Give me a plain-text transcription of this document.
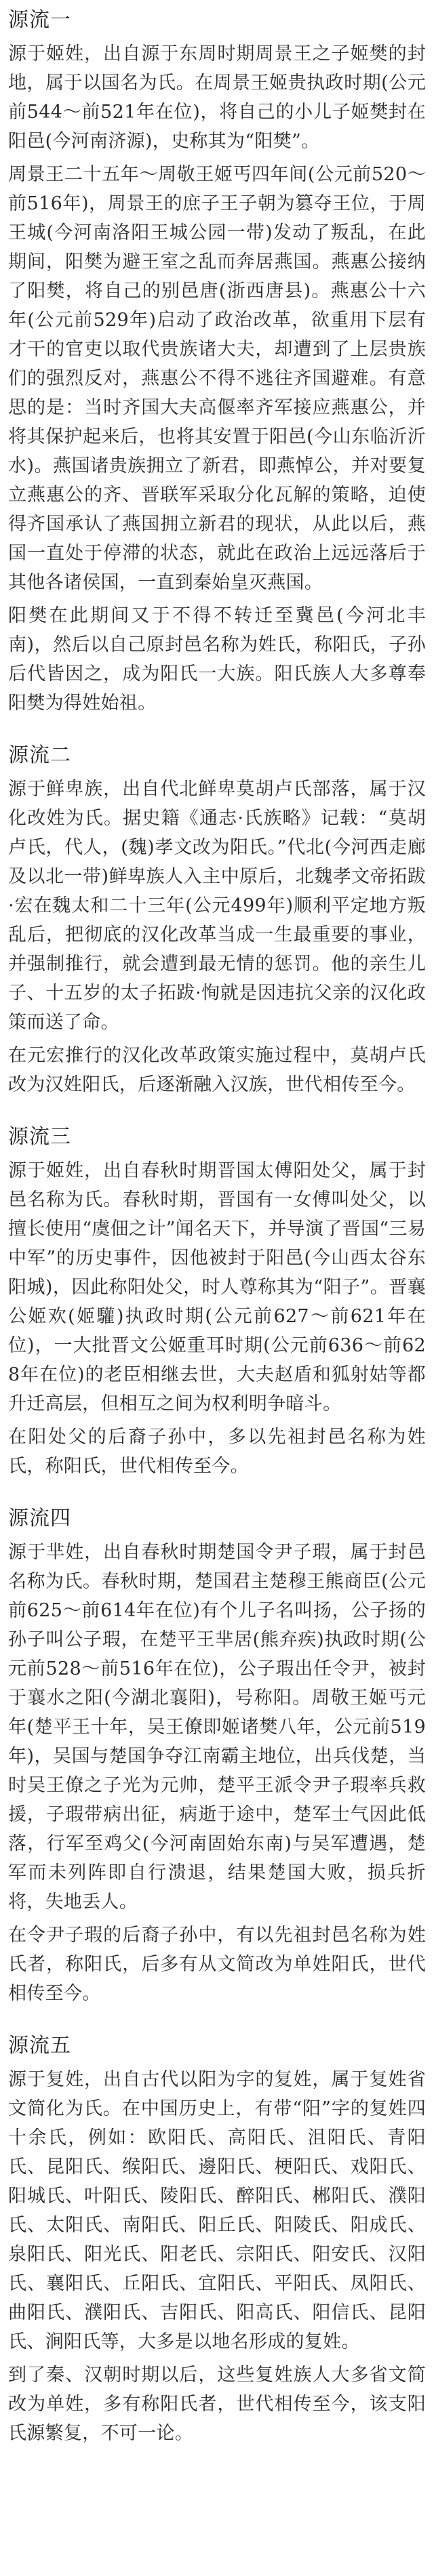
源流一

源于姬姓，出自源于东周时期周景王之子姬樊的封地，属于以国名为氏。在周景王姬贵执政时期(公元前544～前521年在位)，将自己的小儿子姬樊封在阳邑(今河南济源)，史称其为“阳樊”。

周景王二十五年～周敬王姬丐四年间(公元前520～前516年)，周景王的庶子王子朝为篡夺王位，于周王城(今河南洛阳王城公园一带)发动了叛乱，在此期间，阳樊为避王室之乱而奔居燕国。燕惠公接纳了阳樊，将自己的别邑唐(浙西唐县)。燕惠公十六年(公元前529年)启动了政治改革，欲重用下层有才干的官吏以取代贵族诸大夫，却遭到了上层贵族们的强烈反对，燕惠公不得不逃往齐国避难。有意思的是：当时齐国大夫高偃率齐军接应燕惠公，并将其保护起来后，也将其安置于阳邑(今山东临沂沂水)。燕国诸贵族拥立了新君，即燕悼公，并对要复立燕惠公的齐、晋联军采取分化瓦解的策略，迫使得齐国承认了燕国拥立新君的现状，从此以后，燕国一直处于停滞的状态，就此在政治上远远落后于其他各诸侯国，一直到秦始皇灭燕国。

阳樊在此期间又于不得不转迁至冀邑(今河北丰南)，然后以自己原封邑名称为姓氏，称阳氏，子孙后代皆因之，成为阳氏一大族。阳氏族人大多尊奉阳樊为得姓始祖。

源流二

源于鲜卑族，出自代北鲜卑莫胡卢氏部落，属于汉化改姓为氏。据史籍《通志·氏族略》记载：“莫胡卢氏，代人，(魏)孝文改为阳氏。”代北(今河西走廊及以北一带)鲜卑族人入主中原后，北魏孝文帝拓跋·宏在魏太和二十三年(公元499年)顺利平定地方叛乱后，把彻底的汉化改革当成一生最重要的事业，并强制推行，就会遭到最无情的惩罚。他的亲生儿子、十五岁的太子拓跋·恂就是因违抗父亲的汉化政策而送了命。

在元宏推行的汉化改革政策实施过程中，莫胡卢氏改为汉姓阳氏，后逐渐融入汉族，世代相传至今。

源流三

源于姬姓，出自春秋时期晋国太傅阳处父，属于封邑名称为氏。春秋时期，晋国有一女傅叫处父，以擅长使用“虞佃之计”闻名天下，并导演了晋国“三易中军”的历史事件，因他被封于阳邑(今山西太谷东阳城)，因此称阳处父，时人尊称其为“阳子”。晋襄公姬欢(姬驩)执政时期(公元前627～前621年在位)，一大批晋文公姬重耳时期(公元前636～前628年在位)的老臣相继去世，大夫赵盾和狐射姑等都升迁高层，但相互之间为权利明争暗斗。

在阳处父的后裔子孙中，多以先祖封邑名称为姓氏，称阳氏，世代相传至今。

源流四

源于芈姓，出自春秋时期楚国令尹子瑕，属于封邑名称为氏。春秋时期，楚国君主楚穆王熊商臣(公元前625～前614年在位)有个儿子名叫扬，公子扬的孙子叫公子瑕，在楚平王芈居(熊弃疾)执政时期(公元前528～前516年在位)，公子瑕出任令尹，被封于襄水之阳(今湖北襄阳)，号称阳。周敬王姬丐元年(楚平王十年，吴王僚即姬诸樊八年，公元前519年)，吴国与楚国争夺江南霸主地位，出兵伐楚，当时吴王僚之子光为元帅，楚平王派令尹子瑕率兵救援，子瑕带病出征，病逝于途中，楚军士气因此低落，行军至鸡父(今河南固始东南)与吴军遭遇，楚军而未列阵即自行溃退，结果楚国大败，损兵折将，失地丢人。

在令尹子瑕的后裔子孙中，有以先祖封邑名称为姓氏者，称阳氏，后多有从文简改为单姓阳氏，世代相传至今。

源流五

源于复姓，出自古代以阳为字的复姓，属于复姓省文简化为氏。在中国历史上，有带“阳”字的复姓四十余氏，例如：欧阳氏、高阳氏、沮阳氏、青阳氏、昆阳氏、缑阳氏、邊阳氏、梗阳氏、戏阳氏、阳城氏、叶阳氏、陵阳氏、醉阳氏、郴阳氏、濮阳氏、太阳氏、南阳氏、阳丘氏、阳陵氏、阳成氏、泉阳氏、阳光氏、阳老氏、宗阳氏、阳安氏、汉阳氏、襄阳氏、丘阳氏、宜阳氏、平阳氏、凤阳氏、曲阳氏、濮阳氏、吉阳氏、阳高氏、阳信氏、昆阳氏、涧阳氏等，大多是以地名形成的复姓。

到了秦、汉朝时期以后，这些复姓族人大多省文简改为单姓，多有称阳氏者，世代相传至今，该支阳氏源繁复，不可一论。
